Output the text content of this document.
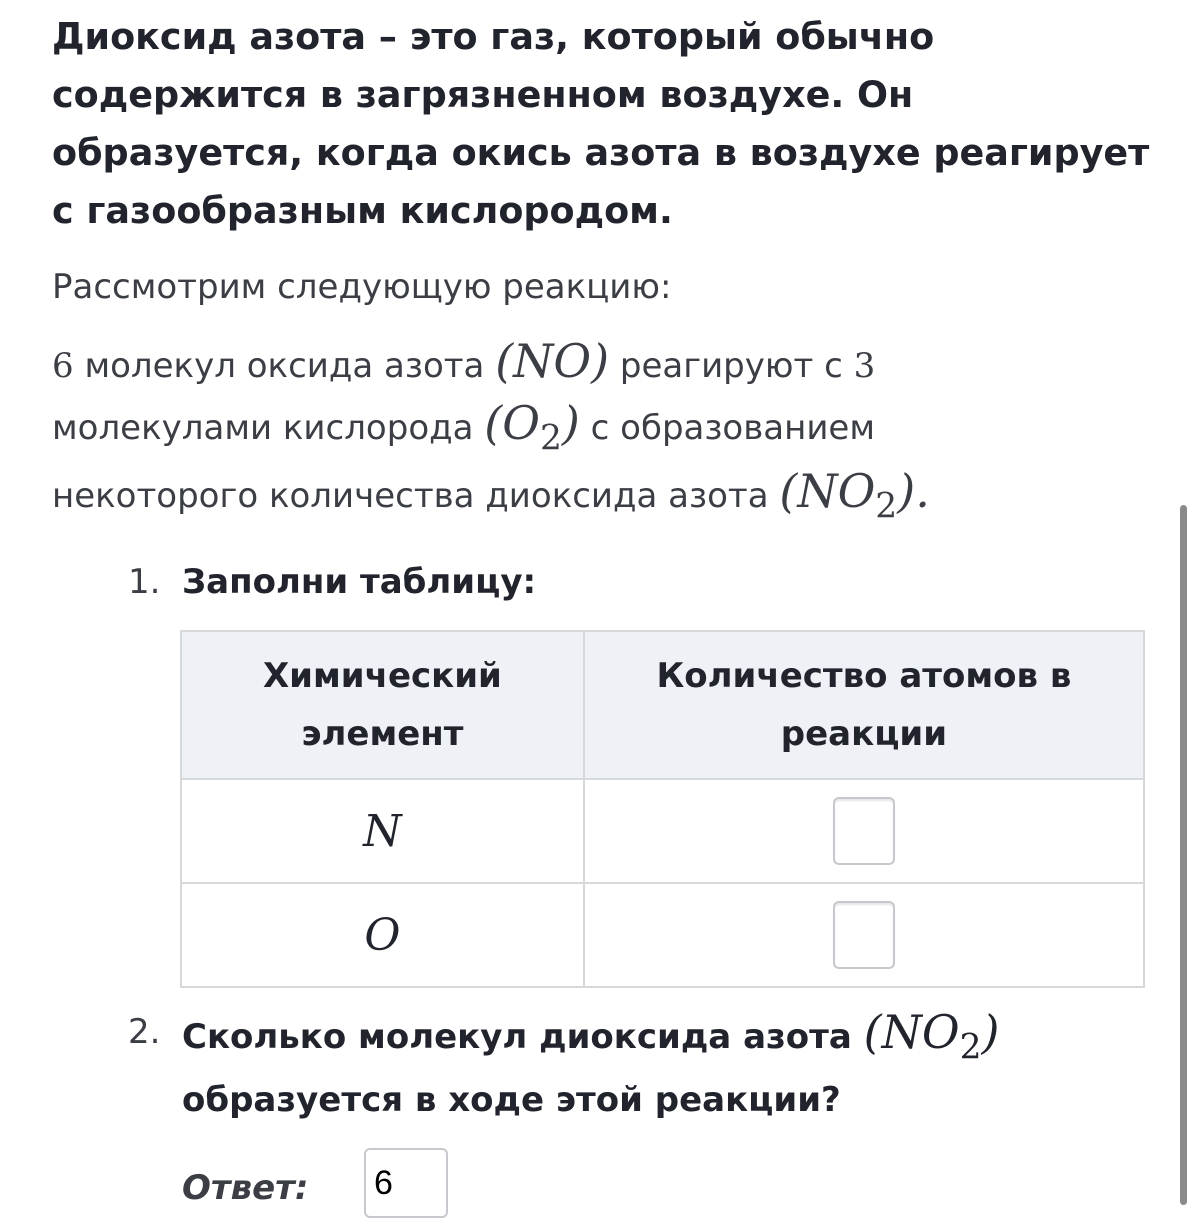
Диоксид азота – это газ, который обычно содержится в загрязненном воздухе. Он образуется, когда окись азота в воздухе реагирует с газообразным кислородом.
Рассмотрим следующую реакцию:
6 молекул оксида азота (NO) реагируют с 3
молекулами кислорода $(O_2)$ с образованием
некоторого количества диоксида азота $(NO_2)$.
1. Заполни таблицу:
Химический элемент	Количество атомов в реакции
N	
O	
2. Сколько молекул диоксида азота $(NO_2)$
образуется в ходе этой реакции?
Ответ: 6
